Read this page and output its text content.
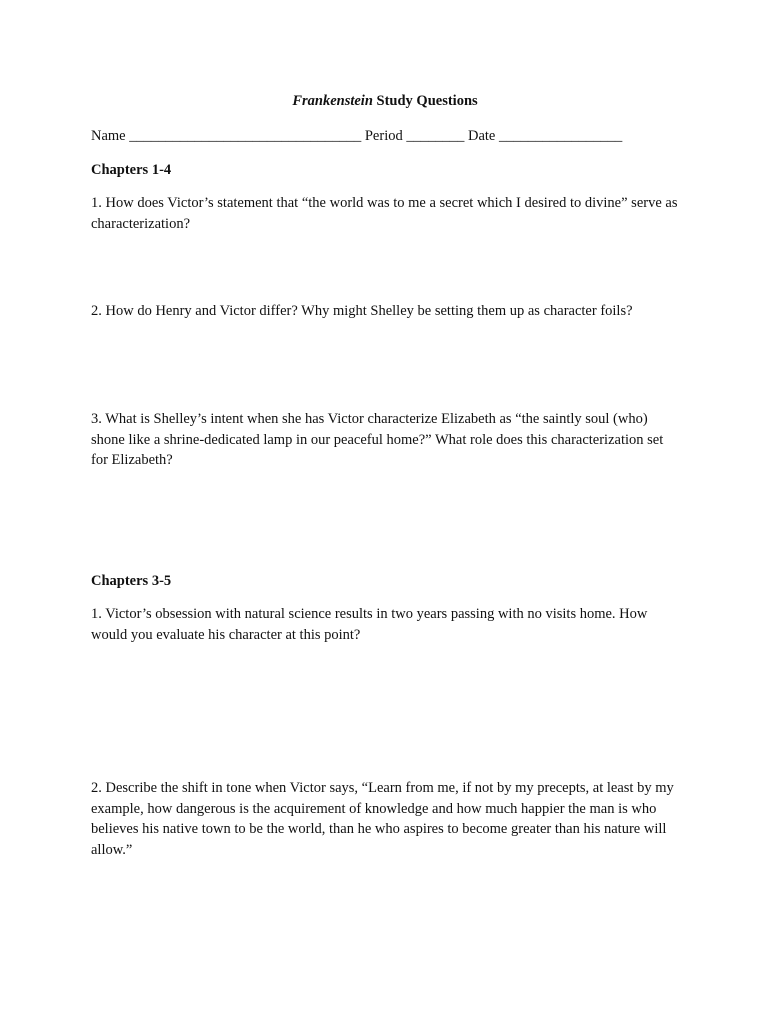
Frankenstein Study Questions
Name ________________________________ Period ________ Date _________________
Chapters 1-4
1. How does Victor’s statement that “the world was to me a secret which I desired to divine” serve as characterization?
2. How do Henry and Victor differ? Why might Shelley be setting them up as character foils?
3. What is Shelley’s intent when she has Victor characterize Elizabeth as “the saintly soul (who) shone like a shrine-dedicated lamp in our peaceful home?” What role does this characterization set for Elizabeth?
Chapters 3-5
1. Victor’s obsession with natural science results in two years passing with no visits home. How would you evaluate his character at this point?
2. Describe the shift in tone when Victor says, “Learn from me, if not by my precepts, at least by my example, how dangerous is the acquirement of knowledge and how much happier the man is who believes his native town to be the world, than he who aspires to become greater than his nature will allow.”
